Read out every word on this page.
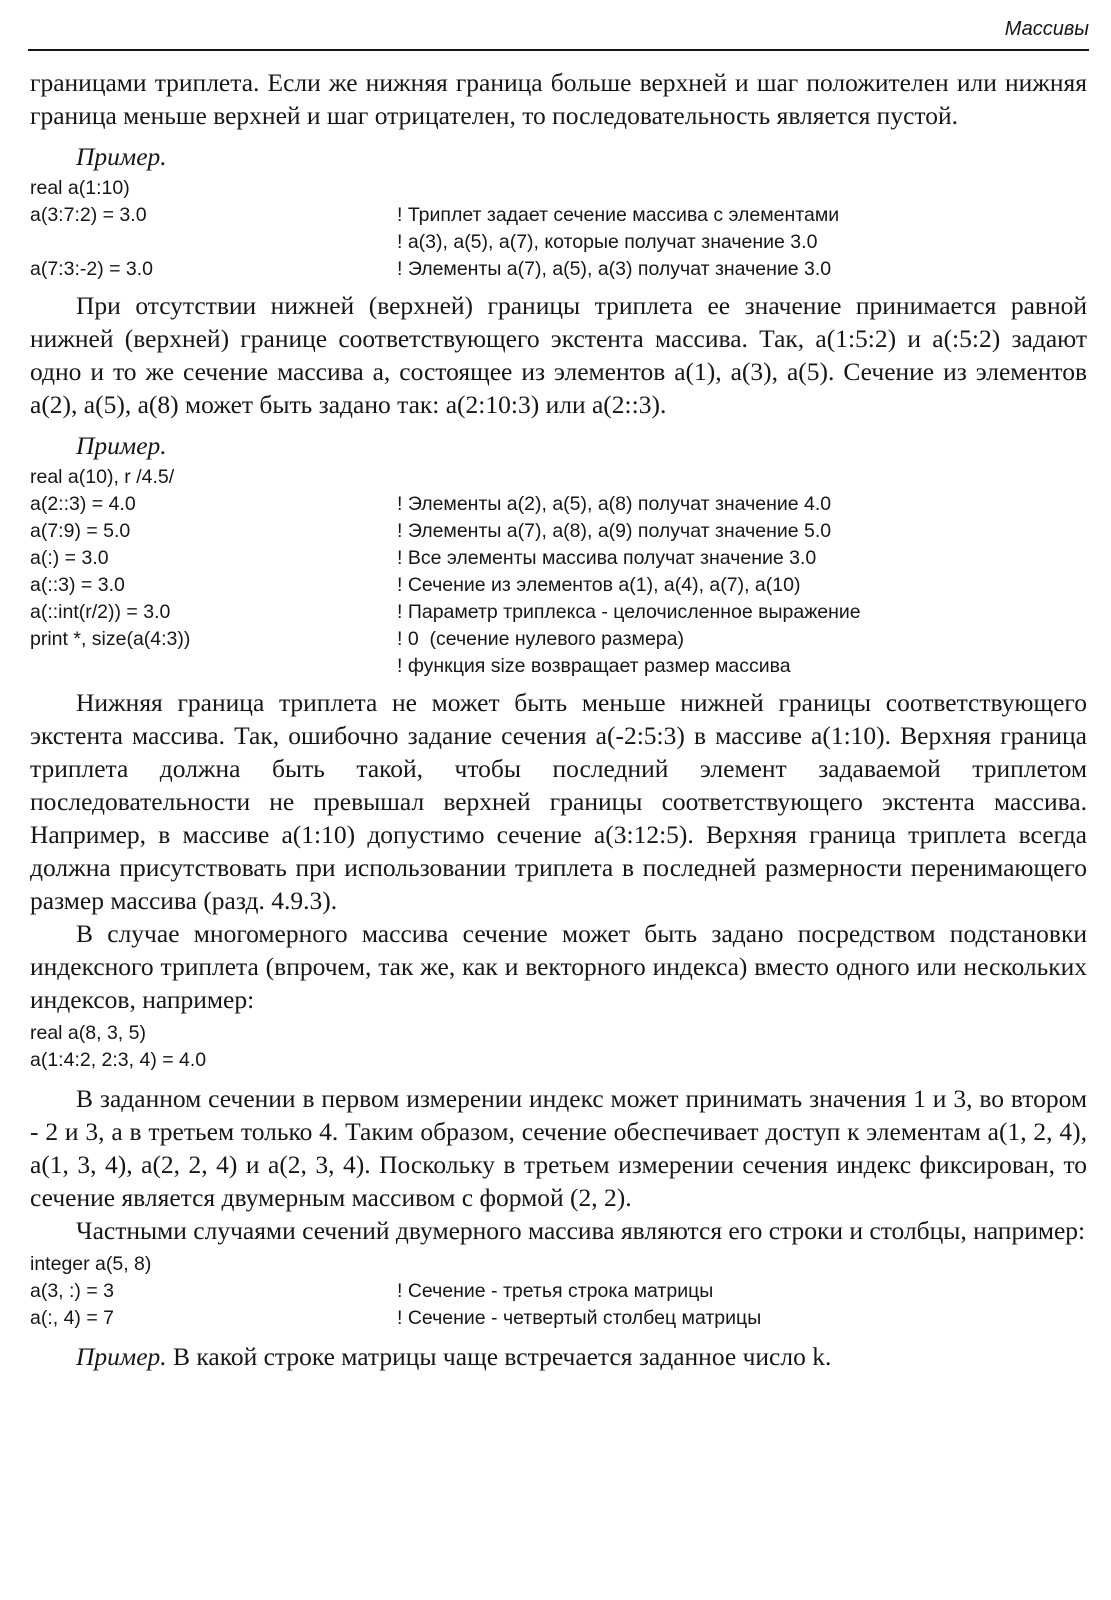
Массивы

границами триплета. Если же нижняя граница больше верхней и шаг положителен или нижняя граница меньше верхней и шаг отрицателен, то последовательность является пустой.

Пример.
real a(1:10)
a(3:7:2) = 3.0	! Триплет задает сечение массива с элементами
! a(3), a(5), a(7), которые получат значение 3.0
a(7:3:-2) = 3.0	! Элементы a(7), a(5), a(3) получат значение 3.0

При отсутствии нижней (верхней) границы триплета ее значение принимается равной нижней (верхней) границе соответствующего экстента массива. Так, a(1:5:2) и a(:5:2) задают одно и то же сечение массива a, состоящее из элементов a(1), a(3), a(5). Сечение из элементов a(2), a(5), a(8) может быть задано так: a(2:10:3) или a(2::3).

Пример.
real a(10), r /4.5/
a(2::3) = 4.0	! Элементы a(2), a(5), a(8) получат значение 4.0
a(7:9) = 5.0	! Элементы a(7), a(8), a(9) получат значение 5.0
a(:) = 3.0	! Все элементы массива получат значение 3.0
a(::3) = 3.0	! Сечение из элементов a(1), a(4), a(7), a(10)
a(::int(r/2)) = 3.0	! Параметр триплекса - целочисленное выражение
print *, size(a(4:3))	! 0  (сечение нулевого размера)
! функция size возвращает размер массива

Нижняя граница триплета не может быть меньше нижней границы соответствующего экстента массива. Так, ошибочно задание сечения a(-2:5:3) в массиве a(1:10). Верхняя граница триплета должна быть такой, чтобы последний элемент задаваемой триплетом последовательности не превышал верхней границы соответствующего экстента массива. Например, в массиве a(1:10) допустимо сечение a(3:12:5). Верхняя граница триплета всегда должна присутствовать при использовании триплета в последней размерности перенимающего размер массива (разд. 4.9.3).

В случае многомерного массива сечение может быть задано посредством подстановки индексного триплета (впрочем, так же, как и векторного индекса) вместо одного или нескольких индексов, например:

real a(8, 3, 5)
a(1:4:2, 2:3, 4) = 4.0

В заданном сечении в первом измерении индекс может принимать значения 1 и 3, во втором - 2 и 3, а в третьем только 4. Таким образом, сечение обеспечивает доступ к элементам a(1, 2, 4), a(1, 3, 4), a(2, 2, 4) и a(2, 3, 4). Поскольку в третьем измерении сечения индекс фиксирован, то сечение является двумерным массивом с формой (2, 2).

Частными случаями сечений двумерного массива являются его строки и столбцы, например:

integer a(5, 8)
a(3, :) = 3	! Сечение - третья строка матрицы
a(:, 4) = 7	! Сечение - четвертый столбец матрицы

Пример. В какой строке матрицы чаще встречается заданное число k.
